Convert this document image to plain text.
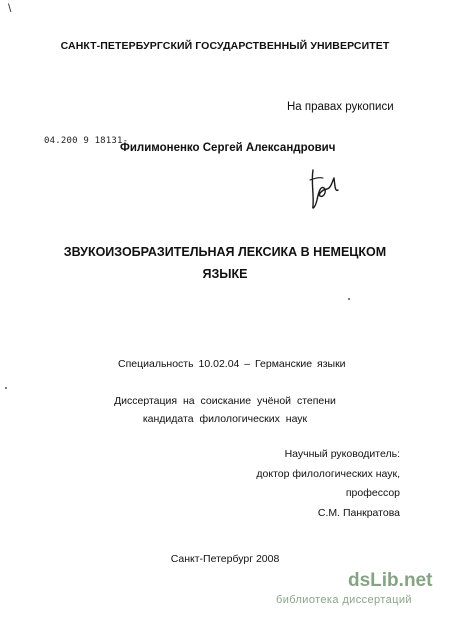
\
САНКТ-ПЕТЕРБУРГСКИЙ ГОСУДАРСТВЕННЫЙ УНИВЕРСИТЕТ
На правах рукописи
04.200 9 18131-
Филимоненко Сергей Александрович
ЗВУКОИЗОБРАЗИТЕЛЬНАЯ ЛЕКСИКА В НЕМЕЦКОМ
ЯЗЫКЕ
Специальность 10.02.04 – Германские языки
Диссертация на соискание учёной степени
кандидата филологических наук
Научный руководитель:
доктор филологических наук,
профессор
С.М. Панкратова
Санкт-Петербург 2008
dsLib.net
библиотека диссертаций
